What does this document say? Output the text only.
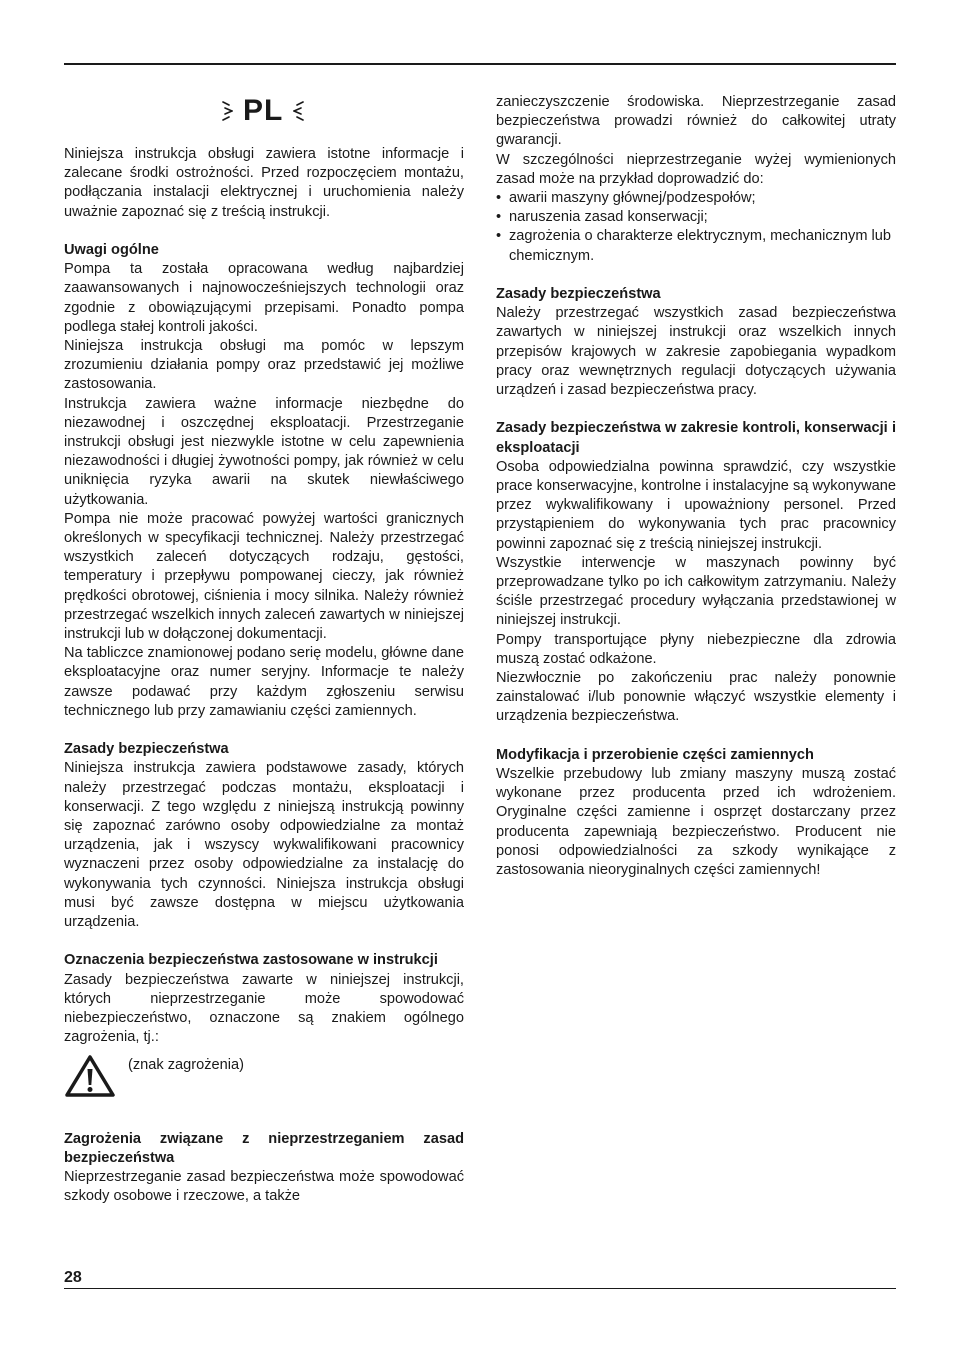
PL

Niniejsza instrukcja obsługi zawiera istotne informacje i zalecane środki ostrożności. Przed rozpoczęciem montażu, podłączania instalacji elektrycznej i uruchomienia należy uważnie zapoznać się z treścią instrukcji.

Uwagi ogólne

Pompa ta została opracowana według najbardziej zaawansowanych i najnowocześniejszych technologii oraz zgodnie z obowiązującymi przepisami. Ponadto pompa podlega stałej kontroli jakości.

Niniejsza instrukcja obsługi ma pomóc w lepszym zrozumieniu działania pompy oraz przedstawić jej możliwe zastosowania.

Instrukcja zawiera ważne informacje niezbędne do niezawodnej i oszczędnej eksploatacji. Przestrzeganie instrukcji obsługi jest niezwykle istotne w celu zapewnienia niezawodności i długiej żywotności pompy, jak również w celu uniknięcia ryzyka awarii na skutek niewłaściwego użytkowania.

Pompa nie może pracować powyżej wartości granicznych określonych w specyfikacji technicznej. Należy przestrzegać wszystkich zaleceń dotyczących rodzaju, gęstości, temperatury i przepływu pompowanej cieczy, jak również prędkości obrotowej, ciśnienia i mocy silnika. Należy również przestrzegać wszelkich innych zaleceń zawartych w niniejszej instrukcji lub w dołączonej dokumentacji.

Na tabliczce znamionowej podano serię modelu, główne dane eksploatacyjne oraz numer seryjny. Informacje te należy zawsze podawać przy każdym zgłoszeniu serwisu technicznego lub przy zamawianiu części zamiennych.

Zasady bezpieczeństwa

Niniejsza instrukcja zawiera podstawowe zasady, których należy przestrzegać podczas montażu, eksploatacji i konserwacji. Z tego względu z niniejszą instrukcją powinny się zapoznać zarówno osoby odpowiedzialne za montaż urządzenia, jak i wszyscy wykwalifikowani pracownicy wyznaczeni przez osoby odpowiedzialne za instalację do wykonywania tych czynności. Niniejsza instrukcja obsługi musi być zawsze dostępna w miejscu użytkowania urządzenia.

Oznaczenia bezpieczeństwa zastosowane w instrukcji

Zasady bezpieczeństwa zawarte w niniejszej instrukcji, których nieprzestrzeganie może spowodować niebezpieczeństwo, oznaczone są znakiem ogólnego zagrożenia, tj.:

(znak zagrożenia)
Zagrożenia związane z nieprzestrzeganiem zasad bezpieczeństwa

Nieprzestrzeganie zasad bezpieczeństwa może spowodować szkody osobowe i rzeczowe, a także

zanieczyszczenie środowiska. Nieprzestrzeganie zasad bezpieczeństwa prowadzi również do całkowitej utraty gwarancji.

W szczególności nieprzestrzeganie wyżej wymienionych zasad może na przykład doprowadzić do:

• awarii maszyny głównej/podzespołów;
• naruszenia zasad konserwacji;
• zagrożenia o charakterze elektrycznym, mechanicznym lub chemicznym.
Zasady bezpieczeństwa

Należy przestrzegać wszystkich zasad bezpieczeństwa zawartych w niniejszej instrukcji oraz wszelkich innych przepisów krajowych w zakresie zapobiegania wypadkom pracy oraz wewnętrznych regulacji dotyczących używania urządzeń i zasad bezpieczeństwa pracy.

Zasady bezpieczeństwa w zakresie kontroli, konserwacji i eksploatacji

Osoba odpowiedzialna powinna sprawdzić, czy wszystkie prace konserwacyjne, kontrolne i instalacyjne są wykonywane przez wykwalifikowany i upoważniony personel. Przed przystąpieniem do wykonywania tych prac pracownicy powinni zapoznać się z treścią niniejszej instrukcji.

Wszystkie interwencje w maszynach powinny być przeprowadzane tylko po ich całkowitym zatrzymaniu. Należy ściśle przestrzegać procedury wyłączania przedstawionej w niniejszej instrukcji.

Pompy transportujące płyny niebezpieczne dla zdrowia muszą zostać odkażone.

Niezwłocznie po zakończeniu prac należy ponownie zainstalować i/lub ponownie włączyć wszystkie elementy i urządzenia bezpieczeństwa.

Modyfikacja i przerobienie części zamiennych

Wszelkie przebudowy lub zmiany maszyny muszą zostać wykonane przez producenta przed ich wdrożeniem. Oryginalne części zamienne i osprzęt dostarczany przez producenta zapewniają bezpieczeństwo. Producent nie ponosi odpowiedzialności za szkody wynikające z zastosowania nieoryginalnych części zamiennych!

28
